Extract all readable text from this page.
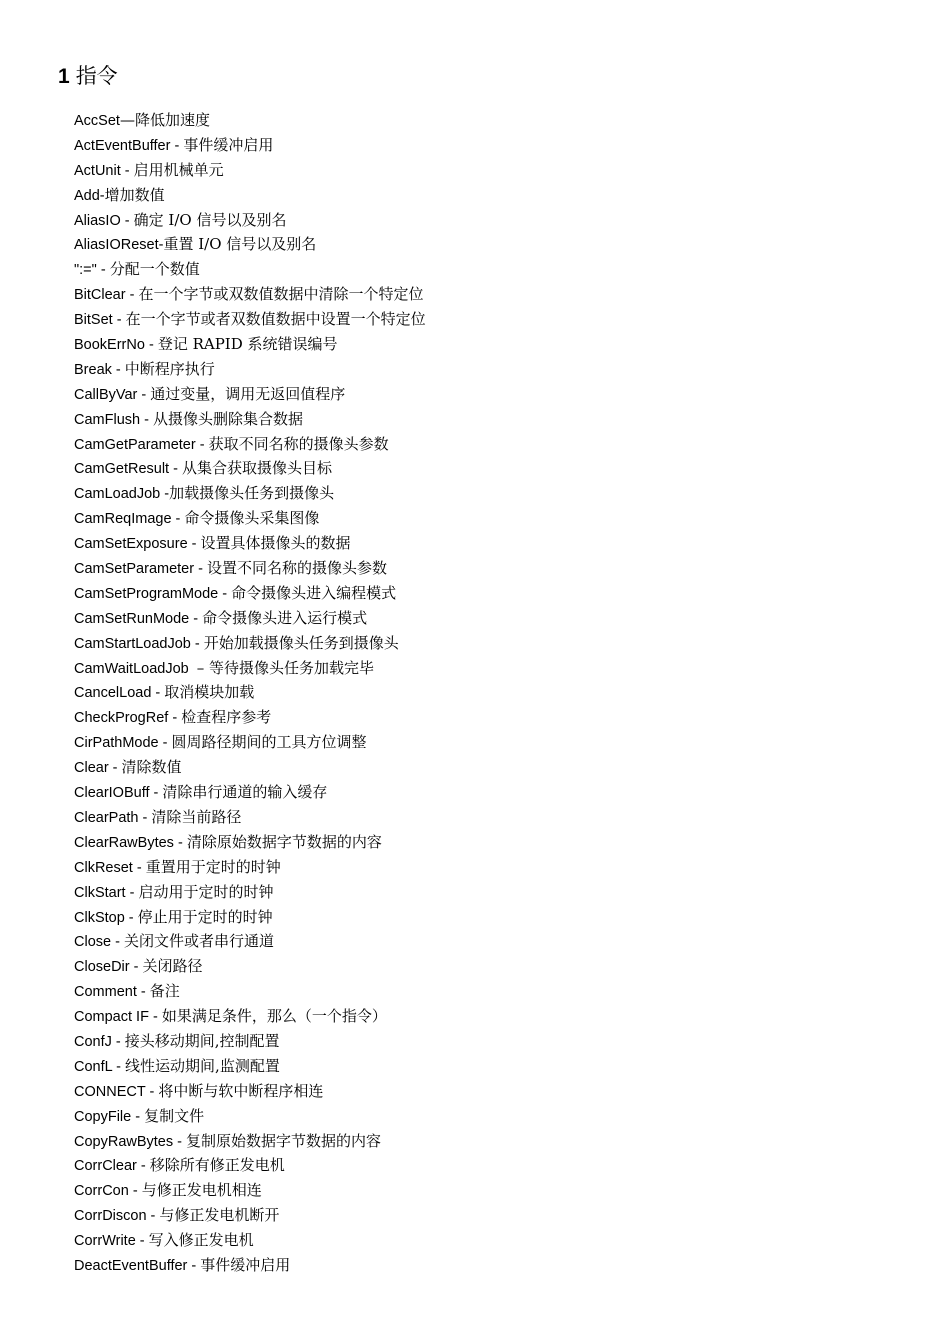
1 指令
AccSet—降低加速度
ActEventBuffer - 事件缓冲启用
ActUnit - 启用机械单元
Add-增加数值
AliasIO - 确定 I/O 信号以及别名
AliasIOReset-重置 I/O 信号以及别名
":=" - 分配一个数值
BitClear - 在一个字节或双数值数据中清除一个特定位
BitSet - 在一个字节或者双数值数据中设置一个特定位
BookErrNo - 登记 RAPID 系统错误编号
Break - 中断程序执行
CallByVar - 通过变量，调用无返回值程序
CamFlush - 从摄像头删除集合数据
CamGetParameter - 获取不同名称的摄像头参数
CamGetResult - 从集合获取摄像头目标
CamLoadJob -加载摄像头任务到摄像头
CamReqImage - 命令摄像头采集图像
CamSetExposure - 设置具体摄像头的数据
CamSetParameter - 设置不同名称的摄像头参数
CamSetProgramMode - 命令摄像头进入编程模式
CamSetRunMode - 命令摄像头进入运行模式
CamStartLoadJob - 开始加载摄像头任务到摄像头
CamWaitLoadJob  – 等待摄像头任务加载完毕
CancelLoad - 取消模块加载
CheckProgRef - 检查程序参考
CirPathMode - 圆周路径期间的工具方位调整
Clear - 清除数值
ClearIOBuff - 清除串行通道的输入缓存
ClearPath - 清除当前路径
ClearRawBytes - 清除原始数据字节数据的内容
ClkReset - 重置用于定时的时钟
ClkStart - 启动用于定时的时钟
ClkStop - 停止用于定时的时钟
Close - 关闭文件或者串行通道
CloseDir - 关闭路径
Comment - 备注
Compact IF - 如果满足条件，那么（一个指令）
ConfJ - 接头移动期间,控制配置
ConfL - 线性运动期间,监测配置
CONNECT - 将中断与软中断程序相连
CopyFile - 复制文件
CopyRawBytes - 复制原始数据字节数据的内容
CorrClear - 移除所有修正发电机
CorrCon - 与修正发电机相连
CorrDiscon - 与修正发电机断开
CorrWrite - 写入修正发电机
DeactEventBuffer - 事件缓冲启用
